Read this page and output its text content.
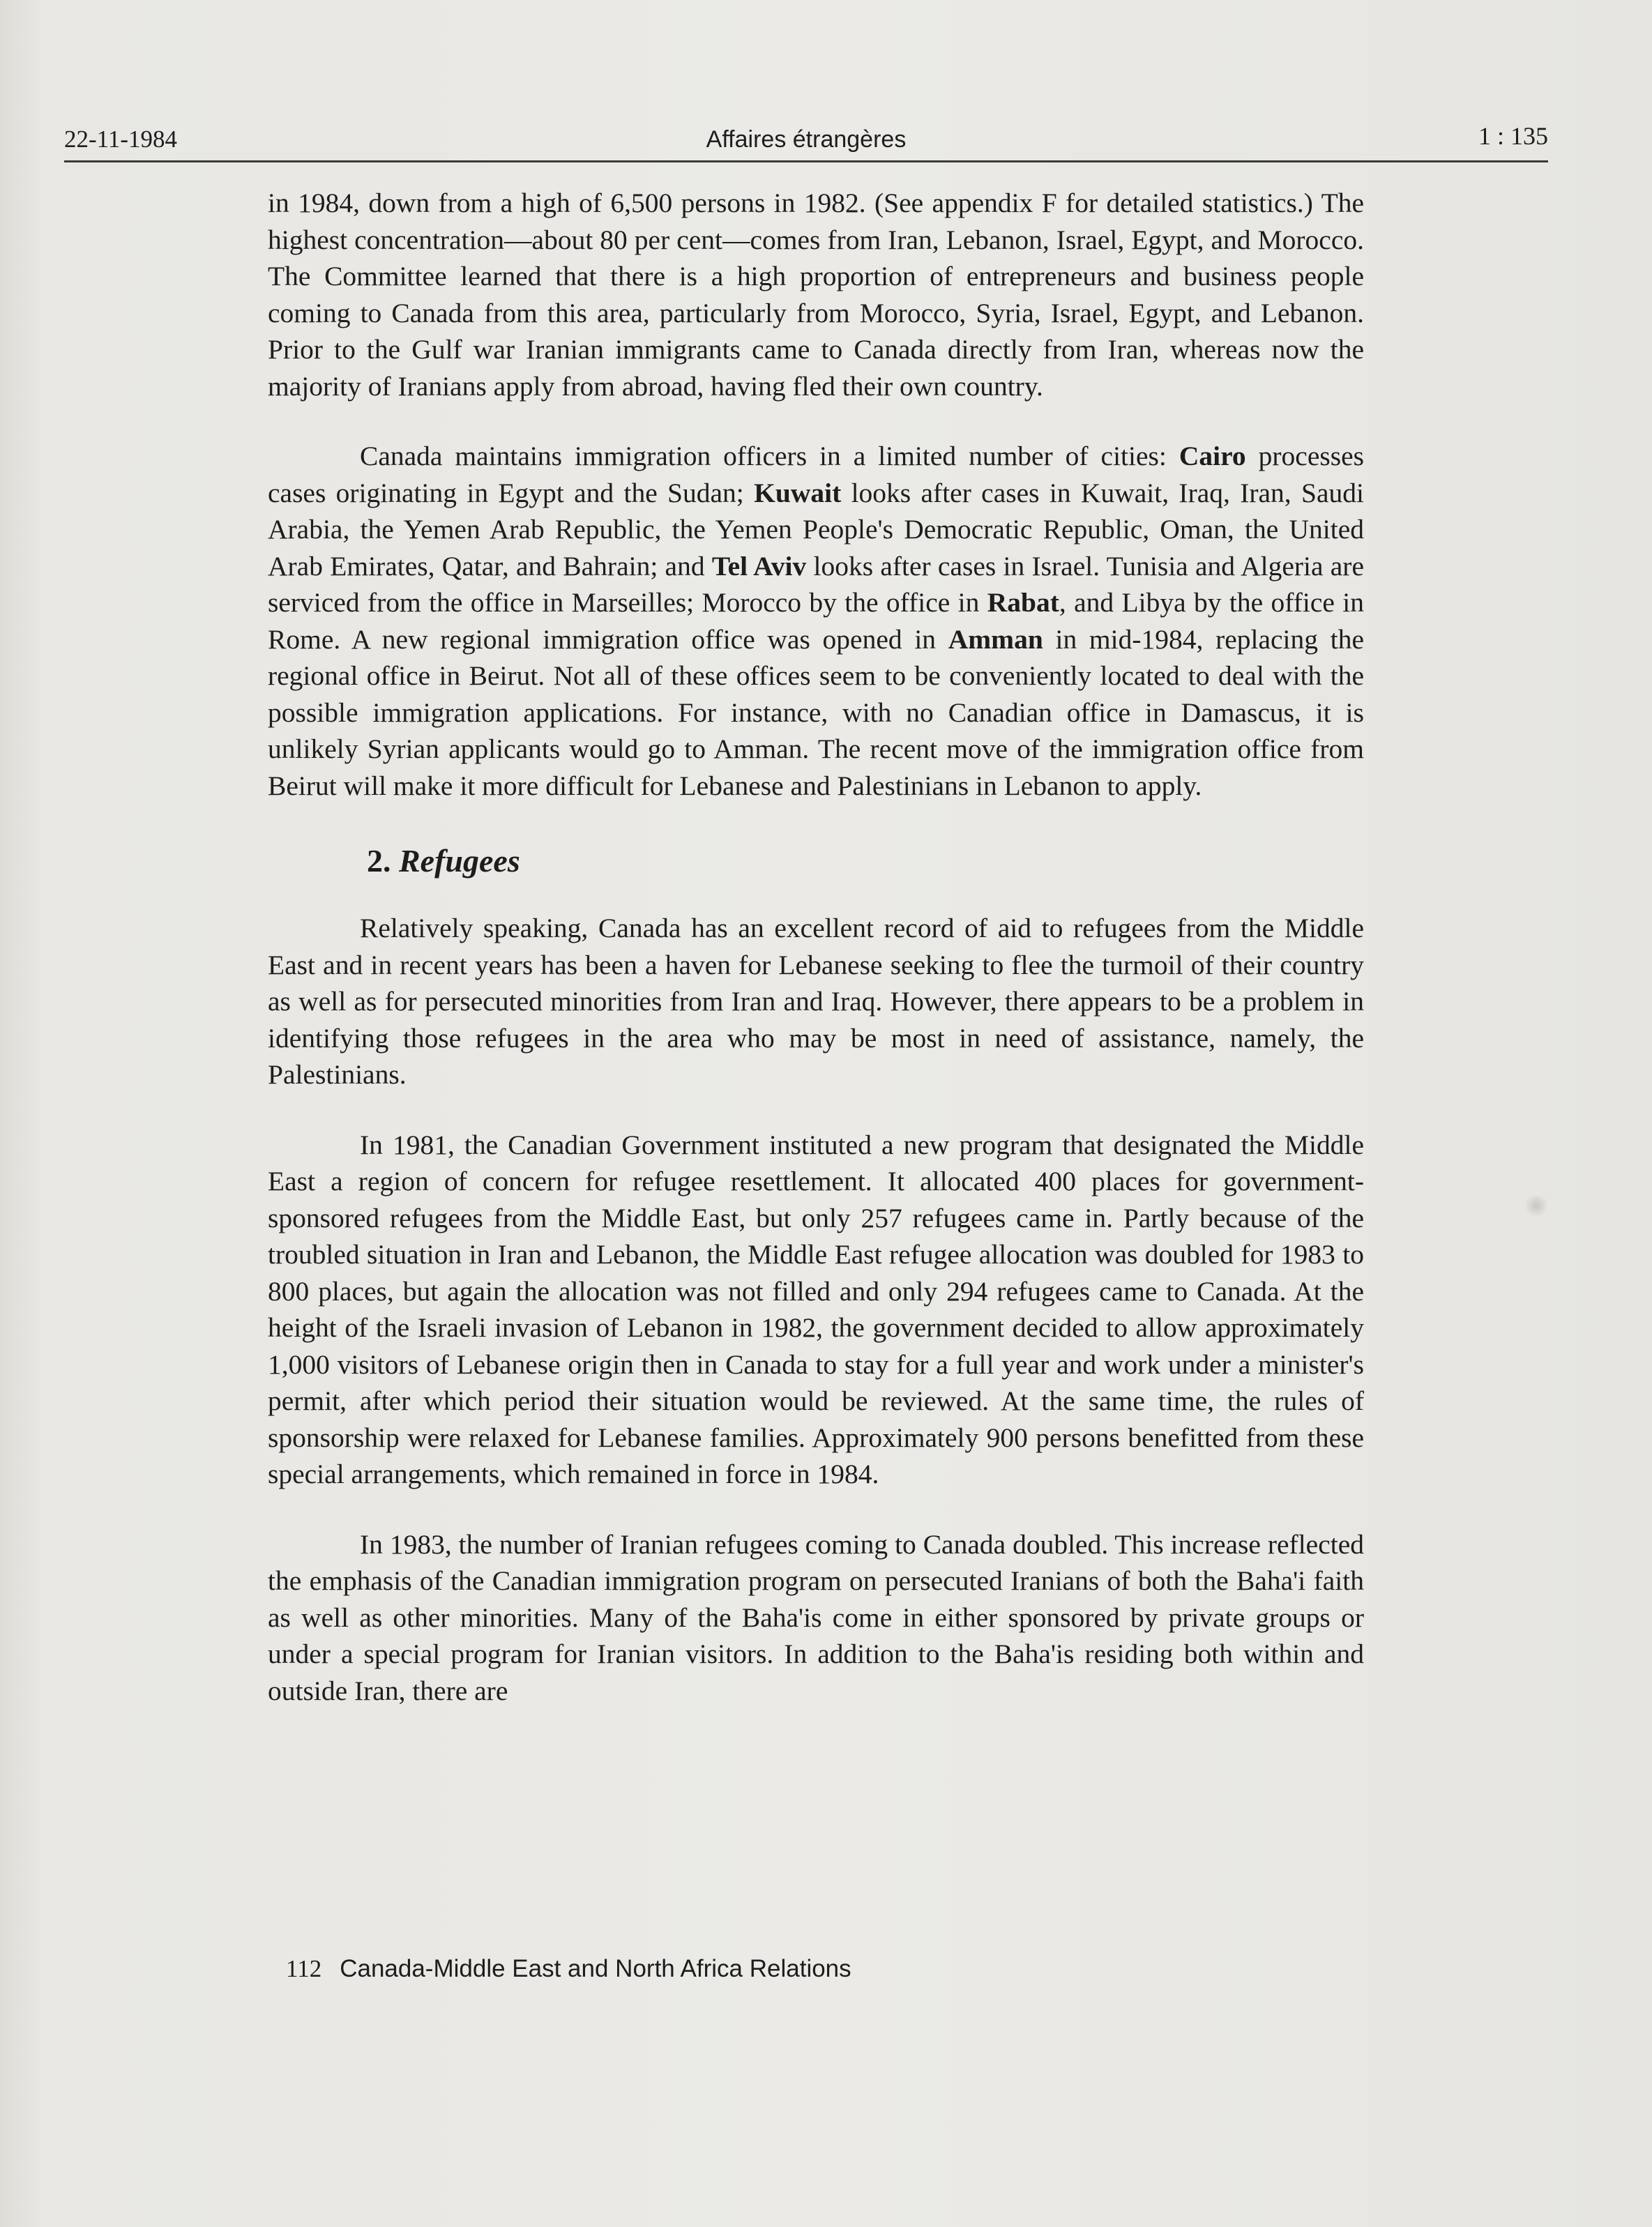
22-11-1984	Affaires étrangères	1 : 135

in 1984, down from a high of 6,500 persons in 1982. (See appendix F for detailed statistics.) The highest concentration—about 80 per cent—comes from Iran, Lebanon, Israel, Egypt, and Morocco. The Committee learned that there is a high proportion of entrepreneurs and business people coming to Canada from this area, particularly from Morocco, Syria, Israel, Egypt, and Lebanon. Prior to the Gulf war Iranian immigrants came to Canada directly from Iran, whereas now the majority of Iranians apply from abroad, having fled their own country.

Canada maintains immigration officers in a limited number of cities: Cairo processes cases originating in Egypt and the Sudan; Kuwait looks after cases in Kuwait, Iraq, Iran, Saudi Arabia, the Yemen Arab Republic, the Yemen People's Democratic Republic, Oman, the United Arab Emirates, Qatar, and Bahrain; and Tel Aviv looks after cases in Israel. Tunisia and Algeria are serviced from the office in Marseilles; Morocco by the office in Rabat, and Libya by the office in Rome. A new regional immigration office was opened in Amman in mid-1984, replacing the regional office in Beirut. Not all of these offices seem to be conveniently located to deal with the possible immigration applications. For instance, with no Canadian office in Damascus, it is unlikely Syrian applicants would go to Amman. The recent move of the immigration office from Beirut will make it more difficult for Lebanese and Palestinians in Lebanon to apply.

2. Refugees

Relatively speaking, Canada has an excellent record of aid to refugees from the Middle East and in recent years has been a haven for Lebanese seeking to flee the turmoil of their country as well as for persecuted minorities from Iran and Iraq. However, there appears to be a problem in identifying those refugees in the area who may be most in need of assistance, namely, the Palestinians.

In 1981, the Canadian Government instituted a new program that designated the Middle East a region of concern for refugee resettlement. It allocated 400 places for government-sponsored refugees from the Middle East, but only 257 refugees came in. Partly because of the troubled situation in Iran and Lebanon, the Middle East refugee allocation was doubled for 1983 to 800 places, but again the allocation was not filled and only 294 refugees came to Canada. At the height of the Israeli invasion of Lebanon in 1982, the government decided to allow approximately 1,000 visitors of Lebanese origin then in Canada to stay for a full year and work under a minister's permit, after which period their situation would be reviewed. At the same time, the rules of sponsorship were relaxed for Lebanese families. Approximately 900 persons benefitted from these special arrangements, which remained in force in 1984.

In 1983, the number of Iranian refugees coming to Canada doubled. This increase reflected the emphasis of the Canadian immigration program on persecuted Iranians of both the Baha'i faith as well as other minorities. Many of the Baha'is come in either sponsored by private groups or under a special program for Iranian visitors. In addition to the Baha'is residing both within and outside Iran, there are

112 Canada-Middle East and North Africa Relations
